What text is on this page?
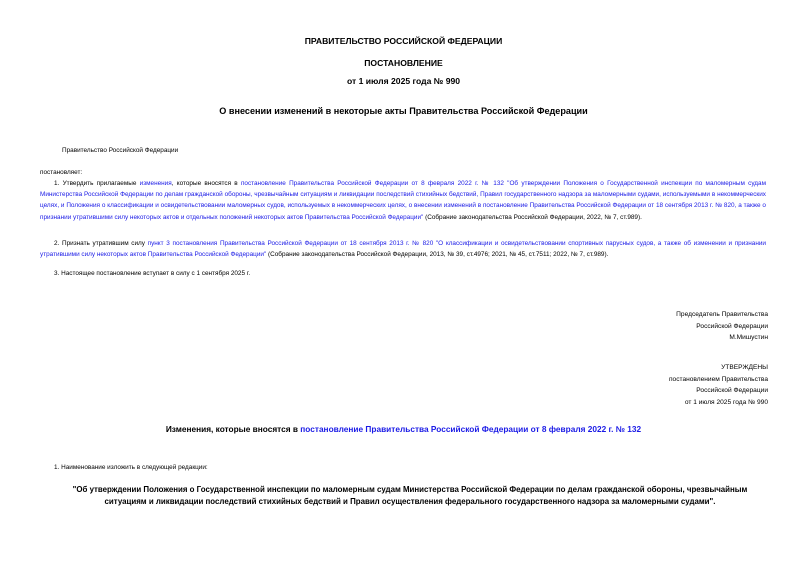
ПРАВИТЕЛЬСТВО РОССИЙСКОЙ ФЕДЕРАЦИИ
ПОСТАНОВЛЕНИЕ
от 1 июля 2025 года № 990
О внесении изменений в некоторые акты Правительства Российской Федерации
Правительство Российской Федерации
постановляет:
1. Утвердить прилагаемые изменения, которые вносятся в постановление Правительства Российской Федерации от 8 февраля 2022 г. № 132 "Об утверждении Положения о Государственной инспекции по маломерным судам Министерства Российской Федерации по делам гражданской обороны, чрезвычайным ситуациям и ликвидации последствий стихийных бедствий, Правил государственного надзора за маломерными судами, используемыми в некоммерческих целях, и Положения о классификации и освидетельствовании маломерных судов, используемых в некоммерческих целях, о внесении изменений в постановление Правительства Российской Федерации от 18 сентября 2013 г. № 820, а также о признании утратившими силу некоторых актов и отдельных положений некоторых актов Правительства Российской Федерации" (Собрание законодательства Российской Федерации, 2022, № 7, ст.989).
2. Признать утратившим силу пункт 3 постановления Правительства Российской Федерации от 18 сентября 2013 г. № 820 "О классификации и освидетельствовании спортивных парусных судов, а также об изменении и признании утратившими силу некоторых актов Правительства Российской Федерации" (Собрание законодательства Российской Федерации, 2013, № 39, ст.4976; 2021, № 45, ст.7511; 2022, № 7, ст.989).
3. Настоящее постановление вступает в силу с 1 сентября 2025 г.
Председатель Правительства
Российской Федерации
М.Мишустин
УТВЕРЖДЕНЫ
постановлением Правительства
Российской Федерации
от 1 июля 2025 года № 990
Изменения, которые вносятся в постановление Правительства Российской Федерации от 8 февраля 2022 г. № 132
1. Наименование изложить в следующей редакции:
"Об утверждении Положения о Государственной инспекции по маломерным судам Министерства Российской Федерации по делам гражданской обороны, чрезвычайным ситуациям и ликвидации последствий стихийных бедствий и Правил осуществления федерального государственного надзора за маломерными судами".
